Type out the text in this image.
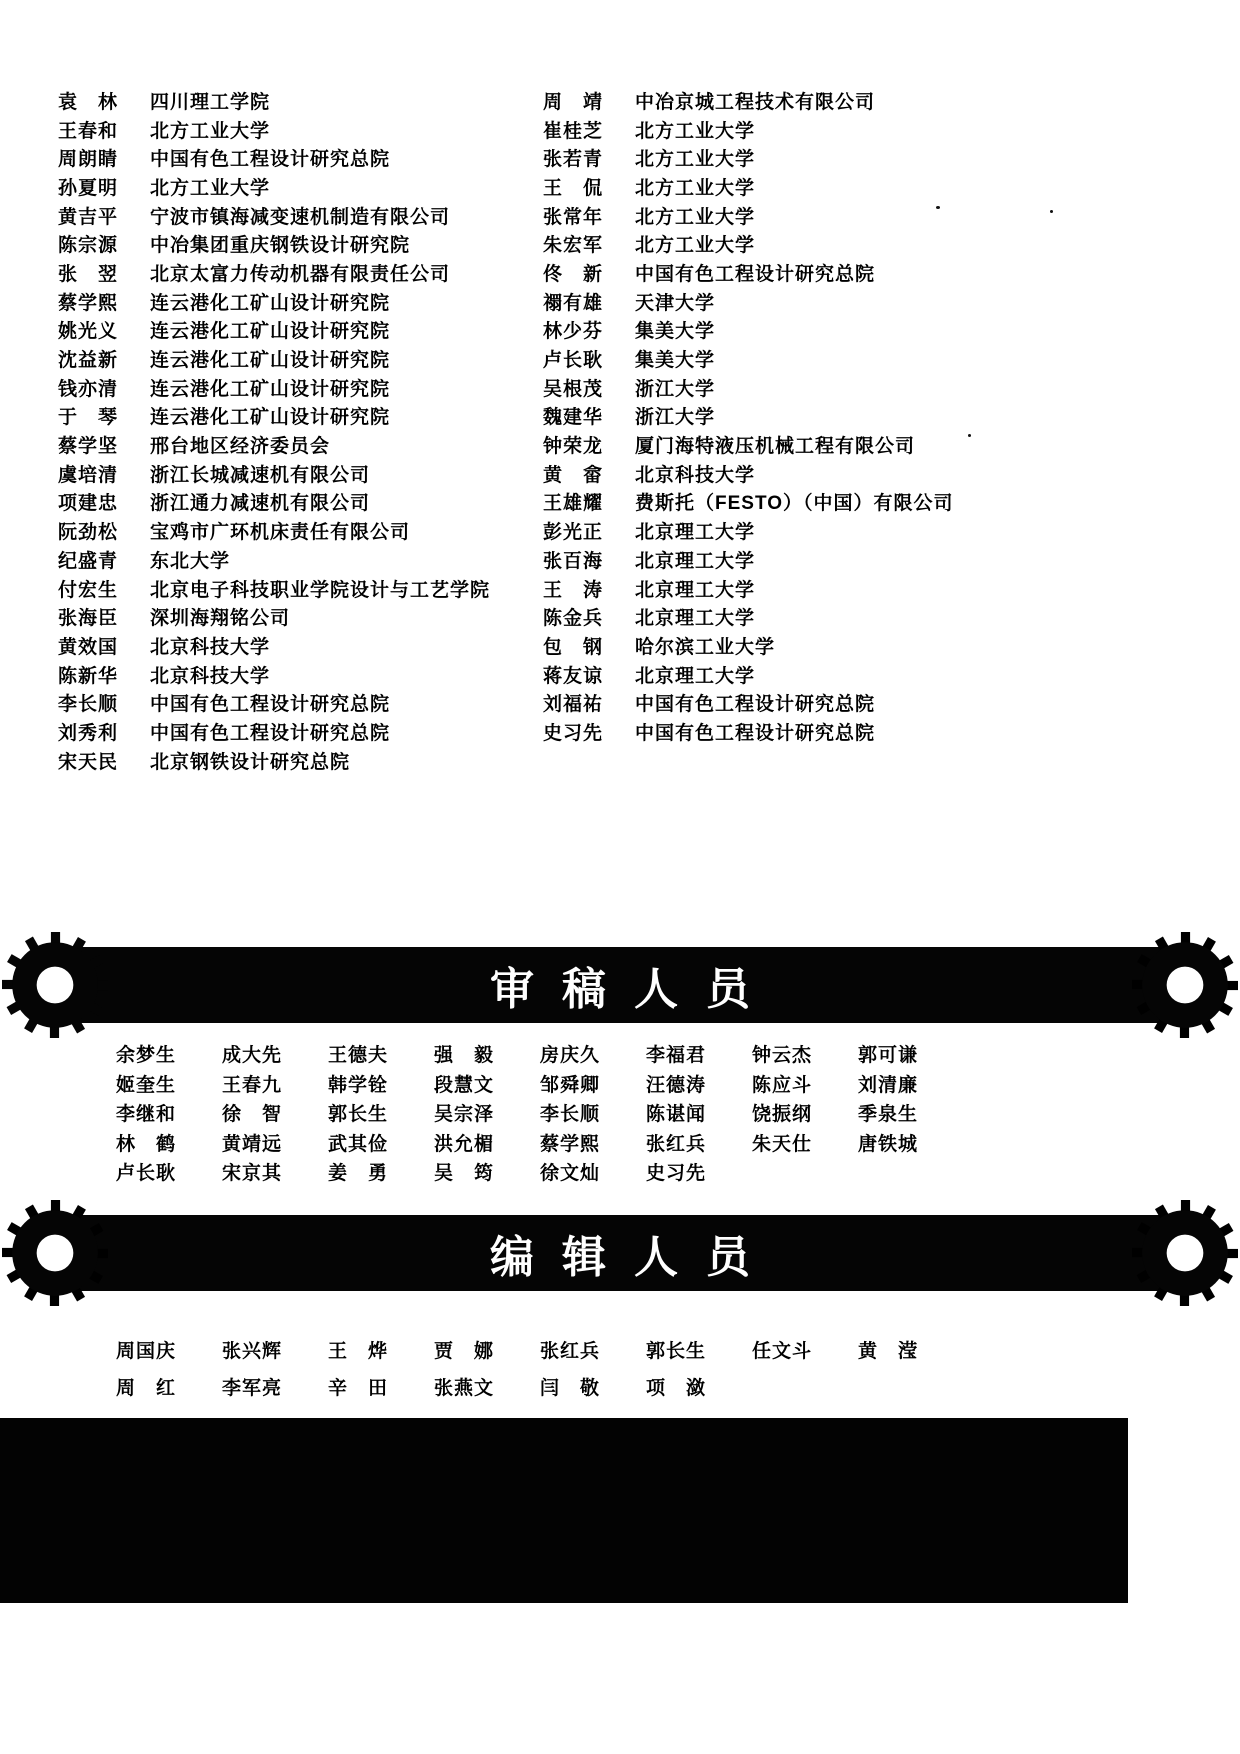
袁　林	四川理工学院
王春和	北方工业大学
周朗睛	中国有色工程设计研究总院
孙夏明	北方工业大学
黄吉平	宁波市镇海减变速机制造有限公司
陈宗源	中冶集团重庆钢铁设计研究院
张　翌	北京太富力传动机器有限责任公司
蔡学熙	连云港化工矿山设计研究院
姚光义	连云港化工矿山设计研究院
沈益新	连云港化工矿山设计研究院
钱亦清	连云港化工矿山设计研究院
于　琴	连云港化工矿山设计研究院
蔡学坚	邢台地区经济委员会
虞培清	浙江长城减速机有限公司
项建忠	浙江通力减速机有限公司
阮劲松	宝鸡市广环机床责任有限公司
纪盛青	东北大学
付宏生	北京电子科技职业学院设计与工艺学院
张海臣	深圳海翔铭公司
黄效国	北京科技大学
陈新华	北京科技大学
李长顺	中国有色工程设计研究总院
刘秀利	中国有色工程设计研究总院
宋天民	北京钢铁设计研究总院
周　靖	中冶京城工程技术有限公司
崔桂芝	北方工业大学
张若青	北方工业大学
王　侃	北方工业大学
张常年	北方工业大学
朱宏军	北方工业大学
佟　新	中国有色工程设计研究总院
禤有雄	天津大学
林少芬	集美大学
卢长耿	集美大学
吴根茂	浙江大学
魏建华	浙江大学
钟荣龙	厦门海特液压机械工程有限公司
黄　畲	北京科技大学
王雄耀	费斯托（FESTO）（中国）有限公司
彭光正	北京理工大学
张百海	北京理工大学
王　涛	北京理工大学
陈金兵	北京理工大学
包　钢	哈尔滨工业大学
蒋友谅	北京理工大学
刘福祐	中国有色工程设计研究总院
史习先	中国有色工程设计研究总院
审稿人员
余梦生	成大先	王德夫	强　毅	房庆久	李福君	钟云杰	郭可谦
姬奎生	王春九	韩学铨	段慧文	邹舜卿	汪德涛	陈应斗	刘清廉
李继和	徐　智	郭长生	吴宗泽	李长顺	陈谌闻	饶振纲	季泉生
林　鹤	黄靖远	武其俭	洪允楣	蔡学熙	张红兵	朱天仕	唐铁城
卢长耿	宋京其	姜　勇	吴　筠	徐文灿	史习先
编辑人员
周国庆	张兴辉	王　烨	贾　娜	张红兵	郭长生	任文斗	黄　滢
周　红	李军亮	辛　田	张燕文	闫　敬	项　潋
